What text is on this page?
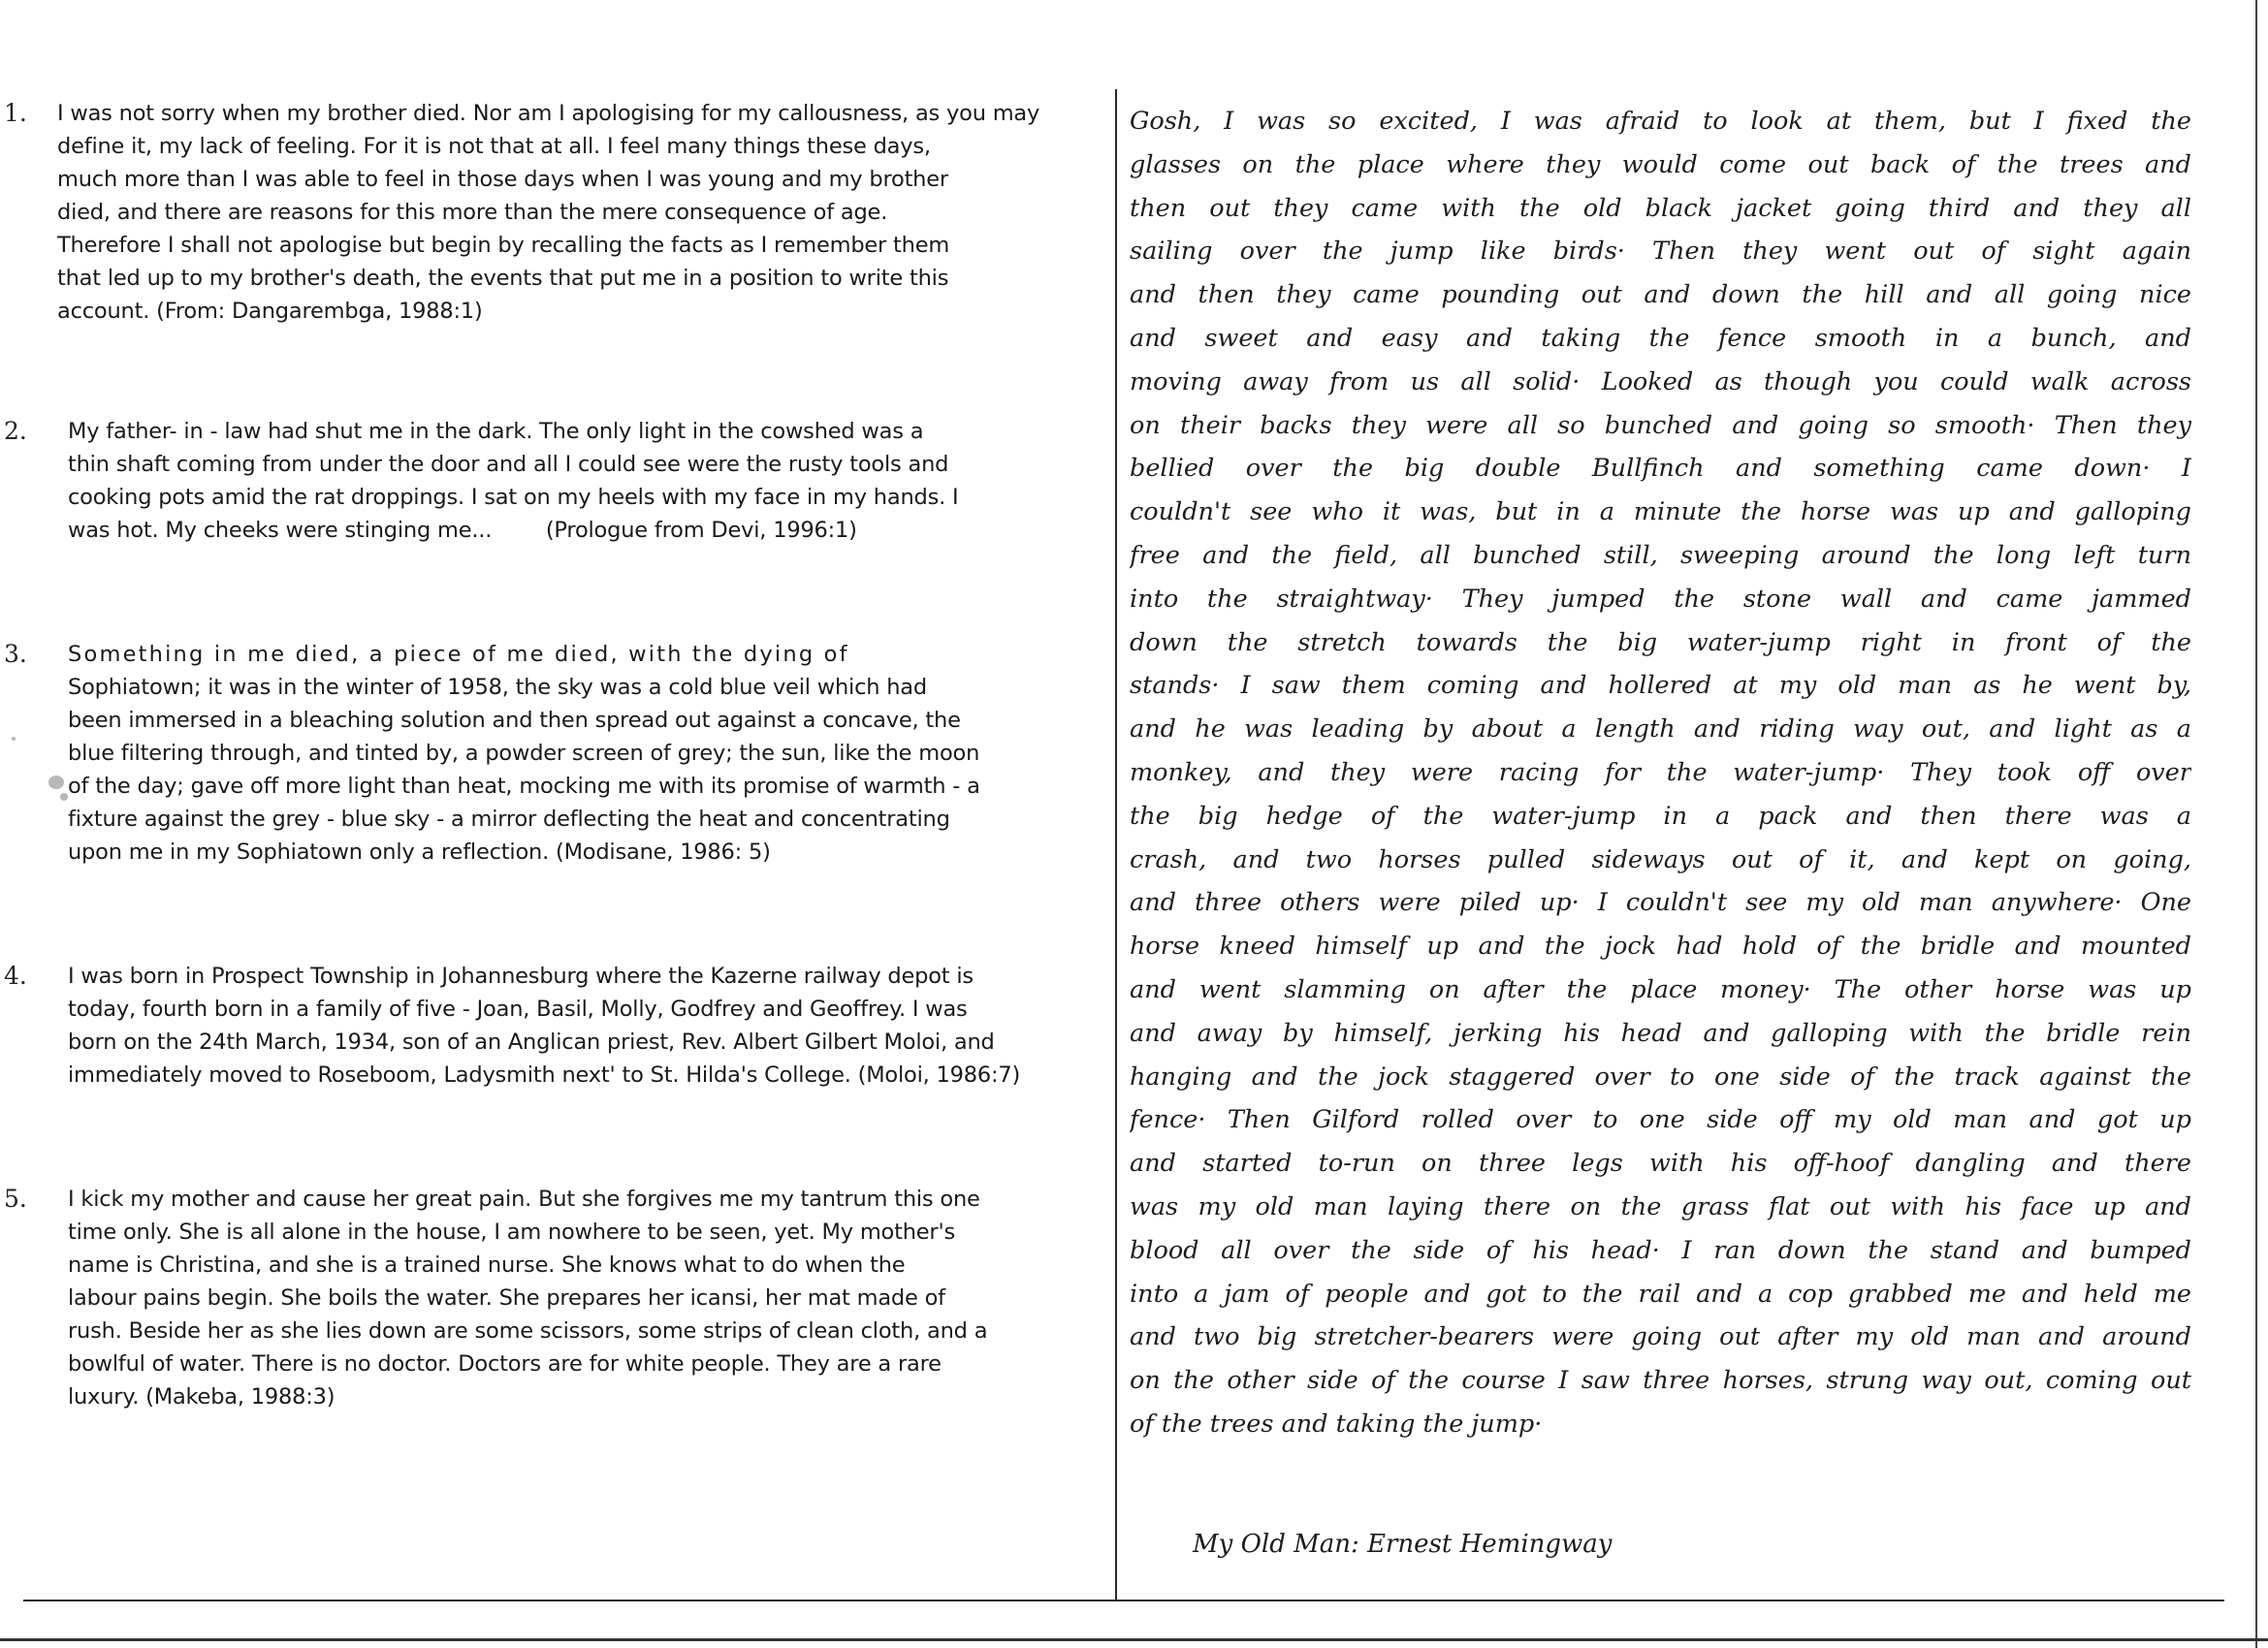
1. I was not sorry when my brother died. Nor am I apologising for my callousness, as you may
define it, my lack of feeling. For it is not that at all. I feel many things these days,
much more than I was able to feel in those days when I was young and my brother
died, and there are reasons for this more than the mere consequence of age.
Therefore I shall not apologise but begin by recalling the facts as I remember them
that led up to my brother's death, the events that put me in a position to write this
account. (From: Dangarembga, 1988:1)
2. My father- in - law had shut me in the dark. The only light in the cowshed was a
thin shaft coming from under the door and all I could see were the rusty tools and
cooking pots amid the rat droppings. I sat on my heels with my face in my hands. I
was hot. My cheeks were stinging me...        (Prologue from Devi, 1996:1)
3. Something in me died, a piece of me died, with the dying of
Sophiatown; it was in the winter of 1958, the sky was a cold blue veil which had
been immersed in a bleaching solution and then spread out against a concave, the
blue filtering through, and tinted by, a powder screen of grey; the sun, like the moon
of the day; gave off more light than heat, mocking me with its promise of warmth - a
fixture against the grey - blue sky - a mirror deflecting the heat and concentrating
upon me in my Sophiatown only a reflection. (Modisane, 1986: 5)
4. I was born in Prospect Township in Johannesburg where the Kazerne railway depot is
today, fourth born in a family of five - Joan, Basil, Molly, Godfrey and Geoffrey. I was
born on the 24th March, 1934, son of an Anglican priest, Rev. Albert Gilbert Moloi, and
immediately moved to Roseboom, Ladysmith next' to St. Hilda's College. (Moloi, 1986:7)
5. I kick my mother and cause her great pain. But she forgives me my tantrum this one
time only. She is all alone in the house, I am nowhere to be seen, yet. My mother's
name is Christina, and she is a trained nurse. She knows what to do when the
labour pains begin. She boils the water. She prepares her icansi, her mat made of
rush. Beside her as she lies down are some scissors, some strips of clean cloth, and a
bowlful of water. There is no doctor. Doctors are for white people. They are a rare
luxury. (Makeba, 1988:3)
Gosh, I was so excited, I was afraid to look at them, but I fixed the
glasses on the place where they would come out back of the trees and
then out they came with the old black jacket going third and they all
sailing over the jump like birds· Then they went out of sight again
and then they came pounding out and down the hill and all going nice
and sweet and easy and taking the fence smooth in a bunch, and
moving away from us all solid· Looked as though you could walk across
on their backs they were all so bunched and going so smooth· Then they
bellied over the big double Bullfinch and something came down· I
couldn't see who it was, but in a minute the horse was up and galloping
free and the field, all bunched still, sweeping around the long left turn
into the straightway· They jumped the stone wall and came jammed
down the stretch towards the big water-jump right in front of the
stands· I saw them coming and hollered at my old man as he went by,
and he was leading by about a length and riding way out, and light as a
monkey, and they were racing for the water-jump· They took off over
the big hedge of the water-jump in a pack and then there was a
crash, and two horses pulled sideways out of it, and kept on going,
and three others were piled up· I couldn't see my old man anywhere· One
horse kneed himself up and the jock had hold of the bridle and mounted
and went slamming on after the place money· The other horse was up
and away by himself, jerking his head and galloping with the bridle rein
hanging and the jock staggered over to one side of the track against the
fence· Then Gilford rolled over to one side off my old man and got up
and started to-run on three legs with his off-hoof dangling and there
was my old man laying there on the grass flat out with his face up and
blood all over the side of his head· I ran down the stand and bumped
into a jam of people and got to the rail and a cop grabbed me and held me
and two big stretcher-bearers were going out after my old man and around
on the other side of the course I saw three horses, strung way out, coming out
of the trees and taking the jump·
My Old Man: Ernest Hemingway
